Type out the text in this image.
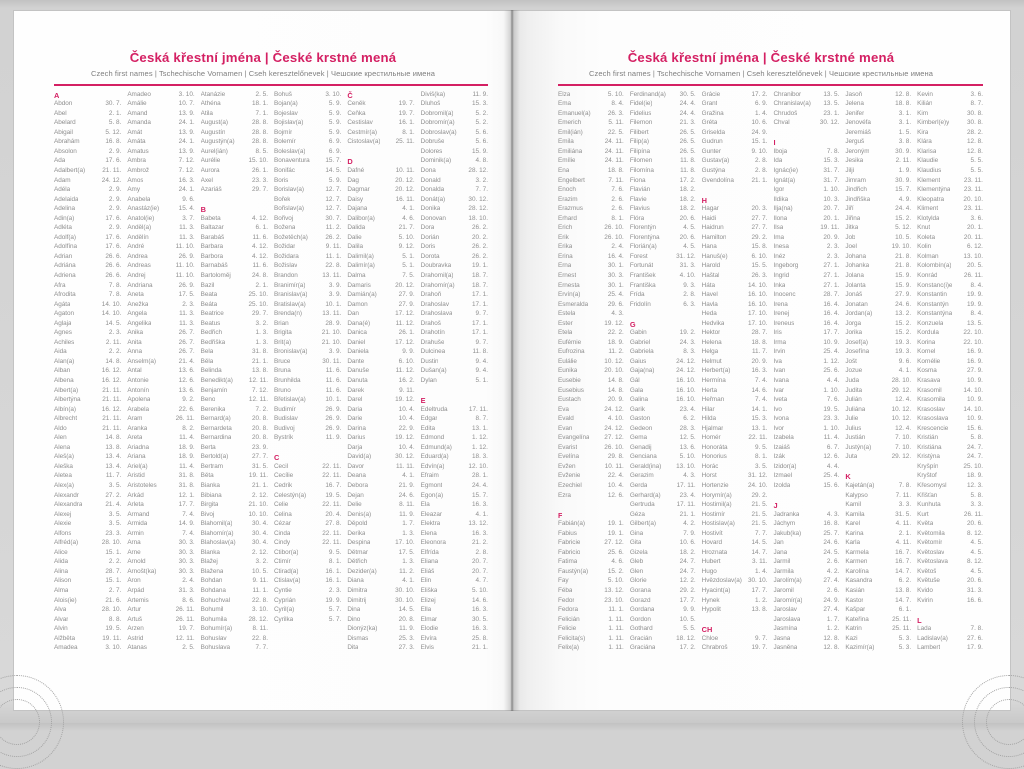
Česká křestní jména | České krstné mená
Czech first names | Tschechische Vornamen | Cseh keresztelőnevek | Чешские крестильные имена
A
Abdon	30. 7.
Ábel	2. 1.
Abelard	5. 8.
Abigail	5. 12.
Abrahám	16. 8.
Absolon	2. 9.
Ada	17. 6.
Adalbert(a)	21. 11.
Adam	24. 12.
Adéla	2. 9.
Adelaida	2. 9.
Adelina	2. 9.
Adin(a)	17. 6.
Adléta	2. 9.
Adolf(a)	17. 6.
Adolfína	17. 6.
Adrian	26. 6.
Adriána	26. 6.
Adriena	26. 6.
Afra	7. 8.
Afrodita	7. 8.
Agáta	14. 10.
Agaton	14. 10.
Aglaja	14. 5.
Agnes	2. 3.
Achiles	2. 11.
Aida	2. 2.
Alan(a)	14. 8.
Alban	16. 12.
Albena	16. 12.
Albert(a)	21. 11.
Albertýna	21. 11.
Albín(a)	16. 12.
Albrecht	21. 11.
Aldo	21. 11.
Alen	14. 8.
Alena	13. 8.
Aleš(a)	13. 4.
Aleška	13. 4.
Aletea	11. 7.
Alex(a)	3. 5.
Alexandr	27. 2.
Alexandra	21. 4.
Alexej	3. 5.
Alexie	3. 5.
Alfons	23. 3.
Alfréd(a)	28. 10.
Alice	15. 1.
Alida	2. 2.
Alina	28. 7.
Alison	15. 1.
Alma	2. 7.
Alois(ie)	21. 6.
Alva	28. 10.
Alvar	8. 8.
Alvin	19. 5.
Alžběta	19. 11.
Amadea	3. 10.
Amadeo	3. 10.
Amálie	10. 7.
Amand	13. 9.
Amanda	24. 1.
Amát	13. 9.
Amáta	24. 1.
Amatus	13. 9.
Ambra	7. 12.
Ambrož	7. 12.
Ámos	16. 3.
Amy	24. 1.
Anabela	9. 6.
Anastáz(ie)	15. 4.
Anatol(ie)	3. 7.
Anděl(a)	11. 3.
Andělín	11. 3.
André	11. 10.
Andrea	26. 9.
Andreas	11. 10.
Andrej	11. 10.
Andriana	26. 9.
Aneta	17. 5.
Anežka	2. 3.
Angela	11. 3.
Angelika	11. 3.
Anika	26. 7.
Anita	26. 7.
Anna	26. 7.
Anselm(a)	21. 4.
Antal	13. 6.
Antonie	12. 6.
Antonín	13. 6.
Apolena	9. 2.
Arabela	22. 6.
Aram	26. 11.
Aranka	8. 2.
Areta	11. 4.
Ariadna	18. 9.
Ariana	18. 9.
Ariel(a)	11. 4.
Aristid	31. 8.
Aristoteles	31. 8.
Arkád	12. 1.
Arleta	17. 7.
Armand	7. 4.
Armida	14. 9.
Armin	7. 4.
Arna	30. 3.
Arne	30. 3.
Arnold	30. 3.
Arnošt(ka)	30. 3.
Áron	2. 4.
Arpád	31. 3.
Artemis	8. 6.
Artur	26. 11.
Artuš	26. 11.
Arzen	19. 7.
Astrid	12. 11.
Atanas	2. 5.
Atanázie	2. 5.
Athéna	18. 1.
Atila	7. 1.
August(a)	28. 8.
Augustín	28. 8.
Augustýn(a)	28. 8.
Aurel(ián)	8. 5.
Aurélie	15. 10.
Aurora	26. 1.
Axel	23. 3.
Azariáš	29. 7.
B
Babeta	4. 12.
Baltazar	6. 1.
Barabáš	11. 6.
Barbara	4. 12.
Barbora	4. 12.
Barnabáš	11. 6.
Bartoloměj	24. 8.
Bazil	2. 1.
Beata	25. 10.
Beáta	25. 10.
Beatrice	29. 7.
Beatus	3. 2.
Bedřich	1. 3.
Bedřiška	1. 3.
Bela	31. 8.
Běla	21. 1.
Belinda	13. 8.
Benedikt(a)	12. 11.
Benjamín	7. 12.
Beno	12. 11.
Berenika	7. 2.
Bernard(a)	20. 8.
Bernardeta	20. 8.
Bernardina	20. 8.
Berta	23. 9.
Bertold(a)	27. 7.
Bertram	31. 5.
Běta	19. 11.
Bianka	21. 1.
Bibiana	2. 12.
Birgita	21. 10.
Bivoj	10. 10.
Blahomil(a)	30. 4.
Blahomír(a)	30. 4.
Blahoslav(a)	30. 4.
Blanka	2. 12.
Blažej	3. 2.
Blažena	10. 5.
Bohdan	9. 11.
Bohdana	11. 1.
Bohuchval	22. 8.
Bohumil	3. 10.
Bohumila	28. 12.
Bohumír(a)	8. 11.
Bohuslav	22. 8.
Bohuslava	7. 7.
Bohuš	3. 10.
Bojan(a)	5. 9.
Bojeslav	5. 9.
Bojislav(a)	5. 9.
Bojmír	5. 9.
Bolemír	6. 9.
Boleslav(a)	6. 9.
Bonaventura 15. 7.
Bonifác	14. 5.
Boris	5. 9.
Borislav(a)	12. 7.
Bořek	12. 7.
Bořislav(a)	12. 7.
Bořivoj	30. 7.
Božena	11. 2.
Božetěch(a)	26. 2.
Božidar	9. 11.
Božidara	11. 1.
Božislav	22. 8.
Brandon	13. 11.
Branimír(a)	3. 9.
Branislav(a)	3. 9.
Bratislav(a)	10. 1.
Brenda(n)	13. 11.
Brian	28. 9.
Brigita	21. 10.
Brit(a)	21. 10.
Bronislav(a)	3. 9.
Bruce	30. 11.
Bruna	11. 6.
Brunhilda	11. 6.
Bruno	11. 6.
Břetislav(a)	10. 1.
Budimír	26. 9.
Budislav	26. 9.
Budivoj	26. 9.
Bystrík	11. 9.
C
Cecil	22. 11.
Cecílie	22. 11.
Cedrik	16. 7.
Celestýn(a)	19. 5.
Celie	22. 11.
Celina	20. 4.
Cézar	27. 8.
Cinda	22. 11.
Cindy	22. 11.
Ctibor(a)	9. 5.
Ctimír	8. 1.
Ctirad(a)	16. 1.
Ctislav(a)	16. 1.
Cyntie	2. 3.
Cyprián	19. 9.
Cyril(a)	5. 7.
Cyrilka	5. 7.
Č
Čeněk	19. 7.
Čeňka	19. 7.
Čestislav	16. 1.
Čestmír(a)	8. 1.
Čistoslav(a) 25. 11.
D
Dafné	10. 11.
Dag	20. 12.
Dagmar	20. 12.
Daisy	16. 11.
Dajana	4. 1.
Dalibor(a)	4. 6.
Dalida	21. 7.
Dalie	5. 10.
Dalila	9. 12.
Dalimil(a)	5. 1.
Dalimír(a)	5. 1.
Dalma	7. 5.
Damaris	20. 12.
Damián(a)	27. 9.
Damon	27. 9.
Dan	17. 12.
Dana(é)	11. 12.
Danica	26. 1.
Daniel	17. 12.
Daniela	9. 9.
Dante	6. 10.
Danuše	11. 12.
Danuta	16. 2.
Darek	9. 11.
Darel	19. 12.
Daria	10. 4.
Darie	10. 4.
Darina	22. 9.
Darius	19. 12.
Darja	10. 4.
David(a)	30. 12.
Davor	11. 11.
Deana	4. 1.
Debora	21. 9.
Dejan	24. 6.
Delie	8. 11.
Denis(a)	11. 9.
Děpold	1. 7.
Derika	1. 3.
Despina	17. 10.
Dětmar	17. 5.
Dětřich	1. 3.
Dezider(a)	11. 2.
Diana	4. 1.
Dimitra	30. 10.
Dimitrij	30. 10.
Dina	14. 5.
Dino	20. 8.
Dionýz(ka)	11. 9.
Dismas	25. 3.
Dita	27. 3.
Diviš(ka)	11. 9.
Dluhoš	15. 3.
Dobromil(a)	5. 2.
Dobromír(a)	5. 2.
Dobroslav(a)	5. 6.
Dobruše	5. 6.
Dolores	15. 9.
Dominik(a)	4. 8.
Dona	28. 12.
Donald	3. 2.
Donalda	7. 7.
Donát(a)	30. 12.
Donika	28. 12.
Donovan	18. 10.
Dora	26. 2.
Dorián	20. 2.
Doris	26. 2.
Dorota	26. 2.
Doubravka	19. 1.
Drahomil(a)	18. 7.
Drahomír(a)	18. 7.
Drahoň	17. 1.
Drahoslav	17. 1.
Drahoslava	9. 7.
Drahoš	17. 1.
Drahotín	17. 1.
Drahuše	9. 7.
Dulcinea	11. 8.
Dustin	9. 4.
Dušan(a)	9. 4.
Dylan	5. 1.
E
Edeltruda	17. 11.
Edgar	8. 7.
Edita	13. 1.
Edmond	1. 12.
Edmund(a)	1. 12.
Eduard(a)	18. 3.
Edvín(a)	12. 10.
Efraim	28. 1.
Egmont	24. 4.
Egon(a)	15. 7.
Ela	16. 3.
Eleazar	4. 1.
Elektra	13. 12.
Elena	16. 3.
Eleonora	21. 2.
Elfrída	2. 8.
Eliana	20. 7.
Eliáš	20. 7.
Elin	4. 7.
Eliška	5. 10.
Elizej	14. 6.
Ella	16. 3.
Elmar	30. 5.
Elodie	16. 3.
Elvíra	25. 8.
Elvis	21. 1.
Česká křestní jména | České krstné mená
Czech first names | Tschechische Vornamen | Cseh keresztelőnevek | Чешские крестильные имена
Elza	5. 10.
Ema	8. 4.
Emanuel(a)	26. 3.
Emerich	5. 11.
Emil(ián)	22. 5.
Emila	24. 11.
Emiliána	24. 11.
Emílie	24. 11.
Ena	18. 8.
Engelbert	7. 11.
Enoch	7. 6.
Erazim	2. 6.
Erazmus	2. 6.
Erhard	8. 1.
Erich	26. 10.
Erik	26. 10.
Erika	2. 4.
Erina	16. 4.
Erna	30. 1.
Ernest	30. 3.
Ernesta	30. 1.
Ervín(a)	25. 4.
Esmeralda	29. 6.
Estela	4. 3.
Ester	19. 12.
Etela	22. 2.
Eufémie	18. 9.
Eufrozina	11. 2.
Eulálie	10. 12.
Eunika	20. 10.
Eusebie	14. 8.
Eusebius	14. 8.
Eustach	20. 9.
Eva	24. 12.
Evald	4. 10.
Evan	24. 12.
Evangelína 27. 12.
Evarist	26. 10.
Evelína	29. 8.
Evžen	10. 11.
Evženie	22. 4.
Ezechiel	10. 4.
Ezra	12. 6.
F
Fabián(a)	19. 1.
Fabius	19. 1.
Fabricie	27. 12.
Fabricio	25. 6.
Fatima	4. 6.
Faustýn(a)	15. 2.
Fay	5. 10.
Féba	13. 12.
Fedor	23. 10.
Fedora	11. 1.
Felicián	1. 11.
Felicie	1. 11.
Felicita(s)	1. 11.
Felix(a)	1. 11.
Ferdinand(a) 30. 5.
Fidel(ie)	24. 4.
Fidelius	24. 4.
Filemon	21. 3.
Filibert	26. 5.
Filip(a)	26. 5.
Filipína	26. 5.
Filomen	11. 8.
Filomína	11. 8.
Fiona	17. 2.
Flavián	18. 2.
Flavie	18. 2.
Flavius	18. 2.
Flóra	20. 6.
Florentýn	4. 5.
Florentýna	20. 6.
Florián(a)	4. 5.
Forest	31. 12.
Fortunát	31. 3.
František	4. 10.
Františka	9. 3.
Frída	2. 8.
Fridolín	6. 3.
G
Gabin	19. 2.
Gabriel	24. 3.
Gabriela	8. 3.
Gaius	24. 12.
Gaja(na)	24. 12.
Gál	16. 10.
Gala	16. 10.
Galina	16. 10.
Garik	23. 4.
Gaston	6. 2.
Gedeon	28. 3.
Gema	12. 5.
Genadij	13. 6.
Genciana	5. 10.
Gerald(ina) 13. 10.
Gerazim	4. 3.
Gerda	17. 11.
Gerhard(a)	23. 4.
Gertruda	17. 11.
Géza	21. 1.
Gilbert(a)	4. 2.
Gina	7. 9.
Gita	10. 6.
Gizela	18. 2.
Gleb	24. 7.
Glen	24. 7.
Glorie	12. 2.
Gorana	29. 2.
Gorazd	17. 7.
Gordana	9. 9.
Gordon	10. 5.
Gothard	5. 5.
Gracián	18. 12.
Graciána	17. 2.
Grácie	17. 2.
Grant	6. 9.
Gražina	1. 4.
Gréta	10. 6.
Griselda	24. 9.
Gudrun	15. 1.
Gunter	9. 10.
Gustav(a)	2. 8.
Gustýna	2. 8.
Gvendolína	21. 1.
H
Hagar	20. 3.
Haidi	27. 7.
Haidrun	27. 7.
Hamilton	29. 2.
Hana	15. 8.
Hanuš(e)	6. 10.
Harold	15. 5.
Haštal	26. 3.
Háta	14. 10.
Havel	16. 10.
Havla	16. 10.
Heda	17. 10.
Hedvika	17. 10.
Hektor	28. 7.
Helena	18. 8.
Helga	11. 7.
Helmut	20. 9.
Herbert(a)	16. 3.
Hermína	7. 4.
Herta	14. 6.
Heřman	7. 4.
Hilar	14. 1.
Hilda	15. 3.
Hjalmar	13. 1.
Homér	22. 11.
Honoráta	9. 5.
Honorius	8. 1.
Horác	3. 5.
Horst	31. 12.
Hortenzie	24. 10.
Horymír(a)	29. 2.
Hostimil(a)	21. 5.
Hostimír	21. 5.
Hostislav(a)	21. 5.
Hostivít	7. 7.
Hovard	14. 5.
Hroznata	14. 7.
Hubert	3. 11.
Hugo	1. 4.
Hvězdoslav(a) 30. 10.
Hyacint(a)	17. 7.
Hynek	1. 2.
Hypolit	13. 8.
CH
Chloe	9. 7.
Chrabroš	19. 7.
Chranibor	13. 5.
Chranislav(a) 13. 5.
Chrudoš	23. 1.
Chval	30. 12.
I
Iboja	7. 8.
Ida	15. 3.
Ignác(ie)	31. 7.
Ignát(a)	31. 7.
Igor	1. 10.
Ildika	10. 3.
Ilja(na)	20. 7.
Ilona	20. 1.
Ilsa	19. 11.
Ima	20. 9.
Inesa	2. 3.
Inéz	2. 3.
Ingeborg	27. 1.
Ingrid	27. 1.
Inka	27. 1.
Inocenc	28. 7.
Irena	16. 4.
Irenej	16. 4.
Ireneus	16. 4.
Iris	17. 7.
Irma	10. 9.
Irvin	25. 4.
Iva	1. 12.
Ivan	25. 6.
Ivana	4. 4.
Ivar	1. 10.
Iveta	7. 6.
Ivo	19. 5.
Ivona	23. 3.
Ivor	1. 10.
Izabela	11. 4.
Izaiáš	6. 7.
Izák	12. 6.
Izidor(a)	4. 4.
Izmael	25. 4.
Izolda	15. 6.
J
Jadranka	4. 3.
Jáchym	16. 8.
Jakub(ka)	25. 7.
Jan	24. 6.
Jana	24. 5.
Jarmil	2. 6.
Jarmila	4. 2.
Jarolím(a)	27. 4.
Jaromil	2. 6.
Jaromír(a)	24. 9.
Jaroslav	27. 4.
Jaroslava	1. 7.
Jasmína	1. 2.
Jasna	12. 8.
Jasněna	12. 8.
Jasoň	12. 8.
Jelena	18. 8.
Jenifer	3. 1.
Jenovéfa	3. 1.
Jeremiáš	1. 5.
Jerguš	3. 8.
Jeroným	30. 9.
Jesika	2. 11.
Jiljí	1. 9.
Jimram	30. 9.
Jindřich	15. 7.
Jindřiška	4. 9.
Jiří	24. 4.
Jiřina	15. 2.
Jitka	5. 12.
Job	10. 5.
Joel	19. 10.
Johana	21. 8.
Johanka	21. 8.
Jolana	15. 9.
Jolanta	15. 9.
Jonáš	27. 9.
Jonatan	24. 6.
Jordan(a)	13. 2.
Jorga	15. 2.
Jorika	15. 2.
Josef(a)	19. 3.
Josefína	19. 3.
Jošt	9. 6.
Jozue	4. 1.
Juda	28. 10.
Judita	29. 12.
Julián	12. 4.
Juliána	10. 12.
Julie	10. 12.
Julius	12. 4.
Justián	7. 10.
Justýn(a)	7. 10.
Juta	29. 12.
K
Kajetán(a)	7. 8.
Kalypso	7. 11.
Kamil	3. 3.
Kamila	31. 5.
Karel	4. 11.
Karina	2. 1.
Karla	4. 11.
Karmela	16. 7.
Karmen	16. 7.
Karolína	14. 7.
Kasandra	6. 2.
Kasián	13. 8.
Kastor	14. 7.
Kašpar	6. 1.
Kateřina	25. 11.
Katrin	25. 11.
Kazi	5. 3.
Kazimír(a)	5. 3.
Kevin	3. 6.
Kilián	8. 7.
Kim	30. 8.
Kimberl(e)y	30. 8.
Kira	28. 2.
Klára	12. 8.
Klarisa	12. 8.
Klaudie	5. 5.
Klaudius	5. 5.
Klement	23. 11.
Klementýna 23. 11.
Kleopatra	20. 10.
Kliment	23. 11.
Klotylda	3. 6.
Knut	20. 1.
Koleta	20. 11.
Kolin	6. 12.
Kolman	13. 10.
Kolombín(a) 20. 5.
Konrád	26. 11.
Konstanc(i)e	8. 4.
Konstantin	19. 9.
Konstantýn	19. 9.
Konstantýna	8. 4.
Konzuela	13. 5.
Kordula	22. 10.
Korina	22. 10.
Kornel	16. 9.
Kornélie	16. 9.
Kosma	27. 9.
Krasava	10. 9.
Krasomil	14. 10.
Krasomila	10. 9.
Krasoslav	14. 10.
Krasoslava	10. 9.
Krescencie	15. 6.
Kristián	5. 8.
Kristiána	24. 7.
Kristýna	24. 7.
Kryšpín	25. 10.
Kryštof	18. 9.
Křesomysl	12. 3.
Křišťan	5. 8.
Kunhuta	3. 3.
Kurt	26. 11.
Květa	20. 6.
Květomila	8. 12.
Květomír	4. 5.
Květoslav	4. 5.
Květoslava	8. 12.
Květoš	4. 5.
Květuše	20. 6.
Kvido	31. 3.
Kvirin	16. 6.
L
Lada	7. 8.
Ladislav(a)	27. 6.
Lambert	17. 9.
